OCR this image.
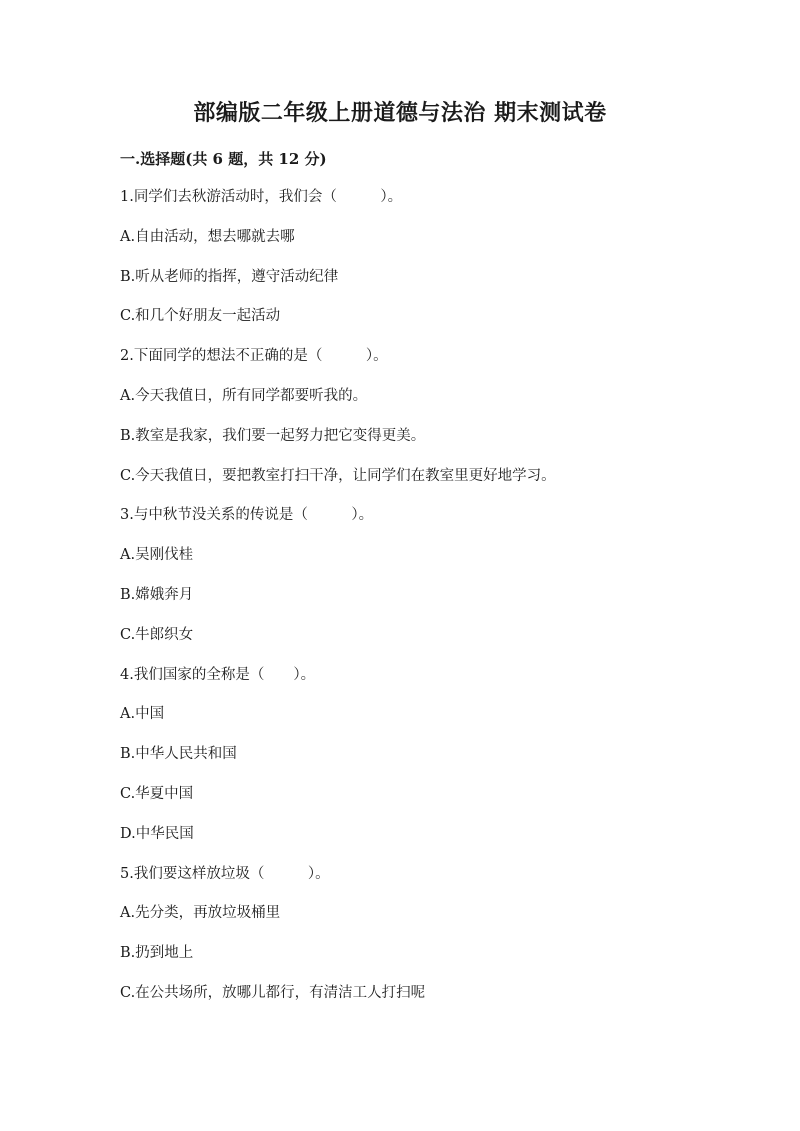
部编版二年级上册道德与法治 期末测试卷
一.选择题(共 6 题，共 12 分)
1.同学们去秋游活动时，我们会（　　　）。
A.自由活动，想去哪就去哪
B.听从老师的指挥，遵守活动纪律
C.和几个好朋友一起活动
2.下面同学的想法不正确的是（　　　）。
A.今天我值日，所有同学都要听我的。
B.教室是我家，我们要一起努力把它变得更美。
C.今天我值日，要把教室打扫干净，让同学们在教室里更好地学习。
3.与中秋节没关系的传说是（　　　）。
A.吴刚伐桂
B.嫦娥奔月
C.牛郎织女
4.我们国家的全称是（　　）。
A.中国
B.中华人民共和国
C.华夏中国
D.中华民国
5.我们要这样放垃圾（　　　）。
A.先分类，再放垃圾桶里
B.扔到地上
C.在公共场所，放哪儿都行，有清洁工人打扫呢
